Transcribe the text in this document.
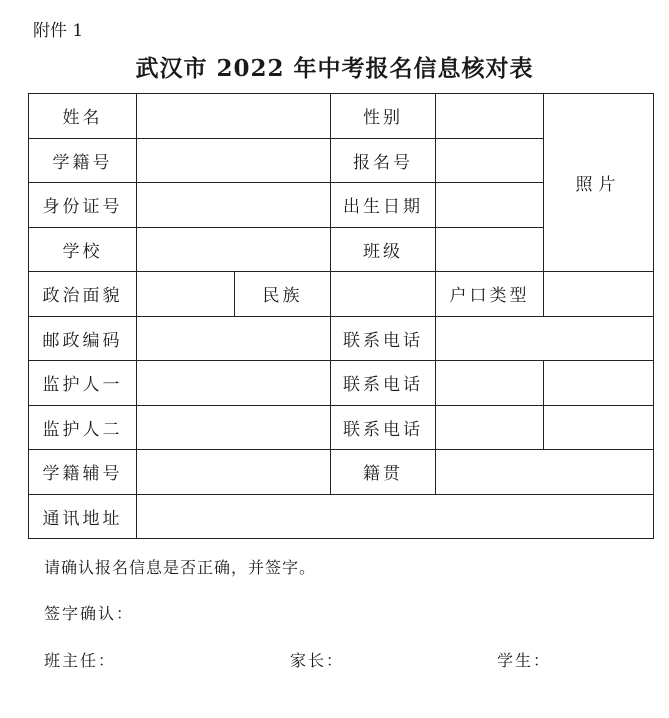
附件 1
武汉市 2022 年中考报名信息核对表
姓名			性别		照片
学籍号			报名号		
身份证号			出生日期		
学校			班级		
政治面貌		民族		户口类型	
邮政编码			联系电话		
监护人一			联系电话		
监护人二			联系电话		
学籍辅号			籍贯		
通讯地址					
请确认报名信息是否正确，并签字。
签字确认：
班主任：	家长：	学生：
